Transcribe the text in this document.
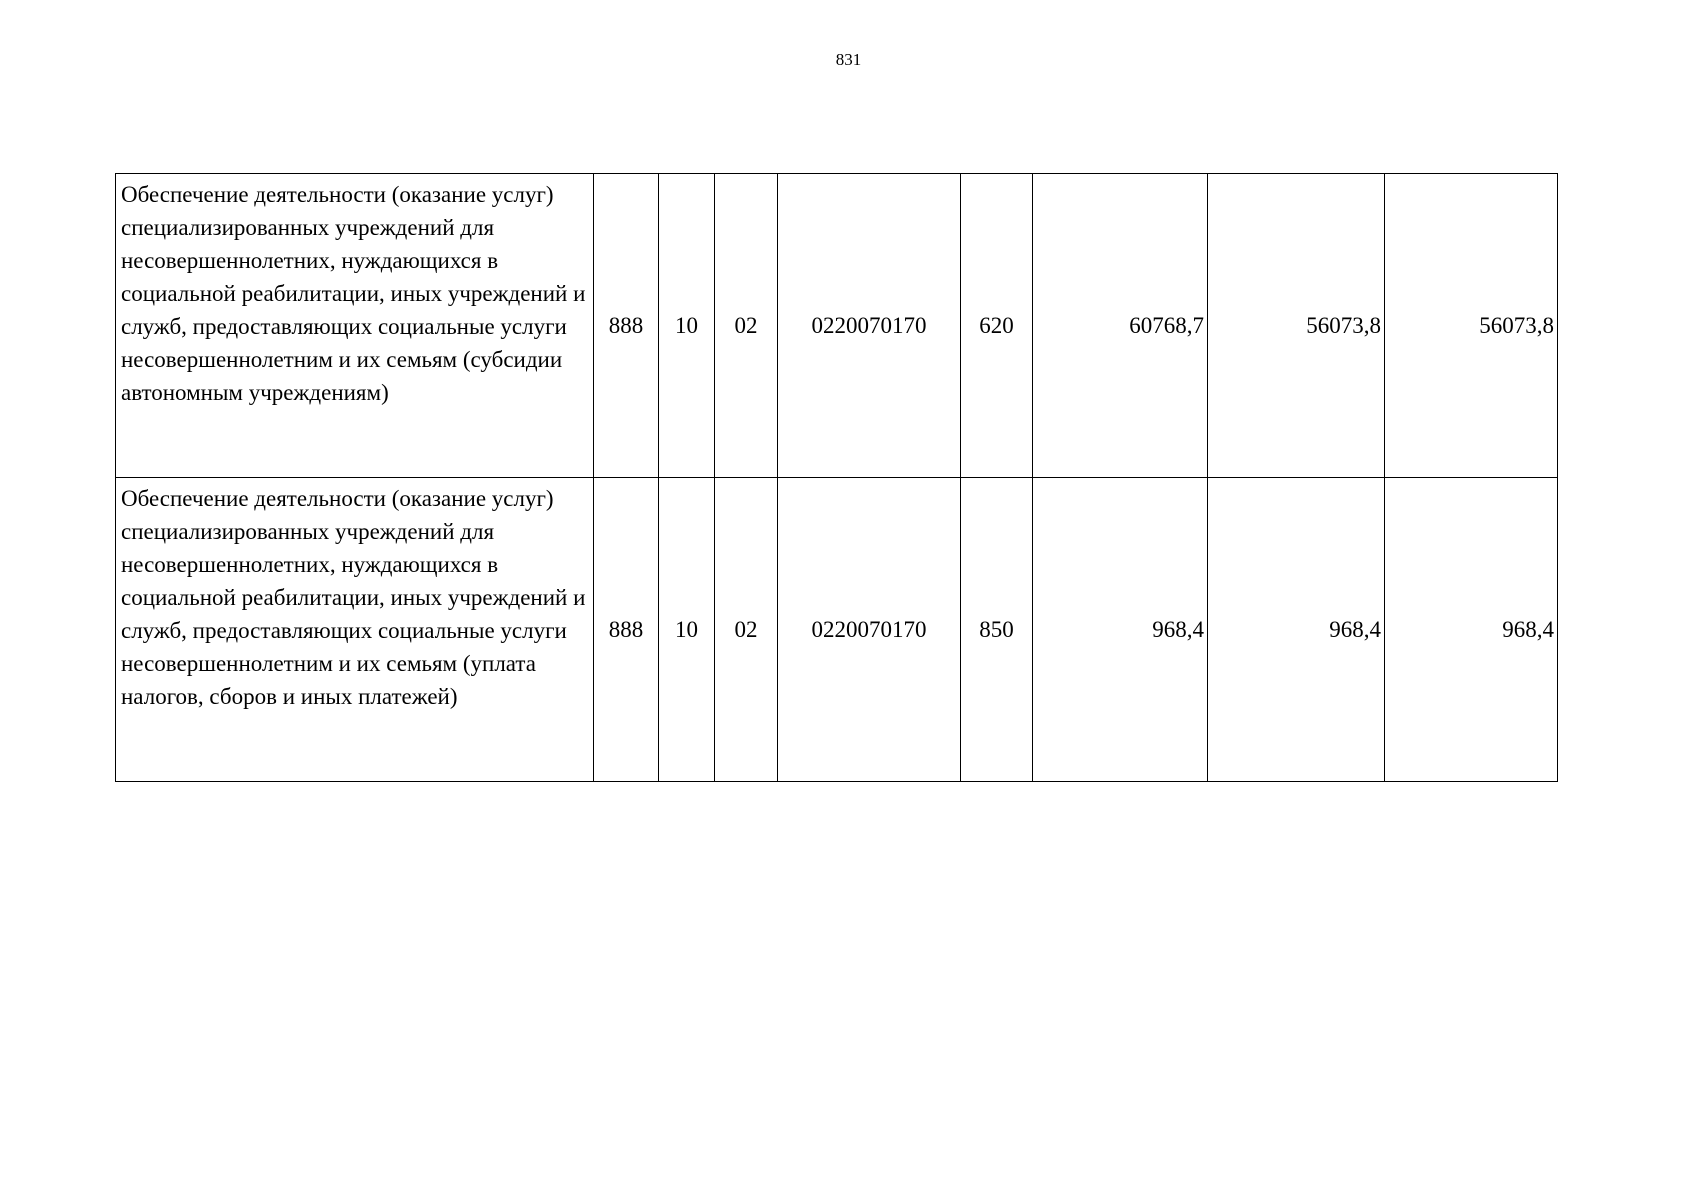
831
Обеспечение деятельности (оказание услуг) специализированных учреждений для несовершеннолетних, нуждающихся в социальной реабилитации, иных учреждений и служб, предоставляющих социальные услуги несовершеннолетним и их семьям (субсидии автономным учреждениям)	888	10	02	0220070170	620	60768,7	56073,8	56073,8
Обеспечение деятельности (оказание услуг) специализированных учреждений для несовершеннолетних, нуждающихся в социальной реабилитации, иных учреждений и служб, предоставляющих социальные услуги несовершеннолетним и их семьям (уплата налогов, сборов и иных платежей)	888	10	02	0220070170	850	968,4	968,4	968,4
